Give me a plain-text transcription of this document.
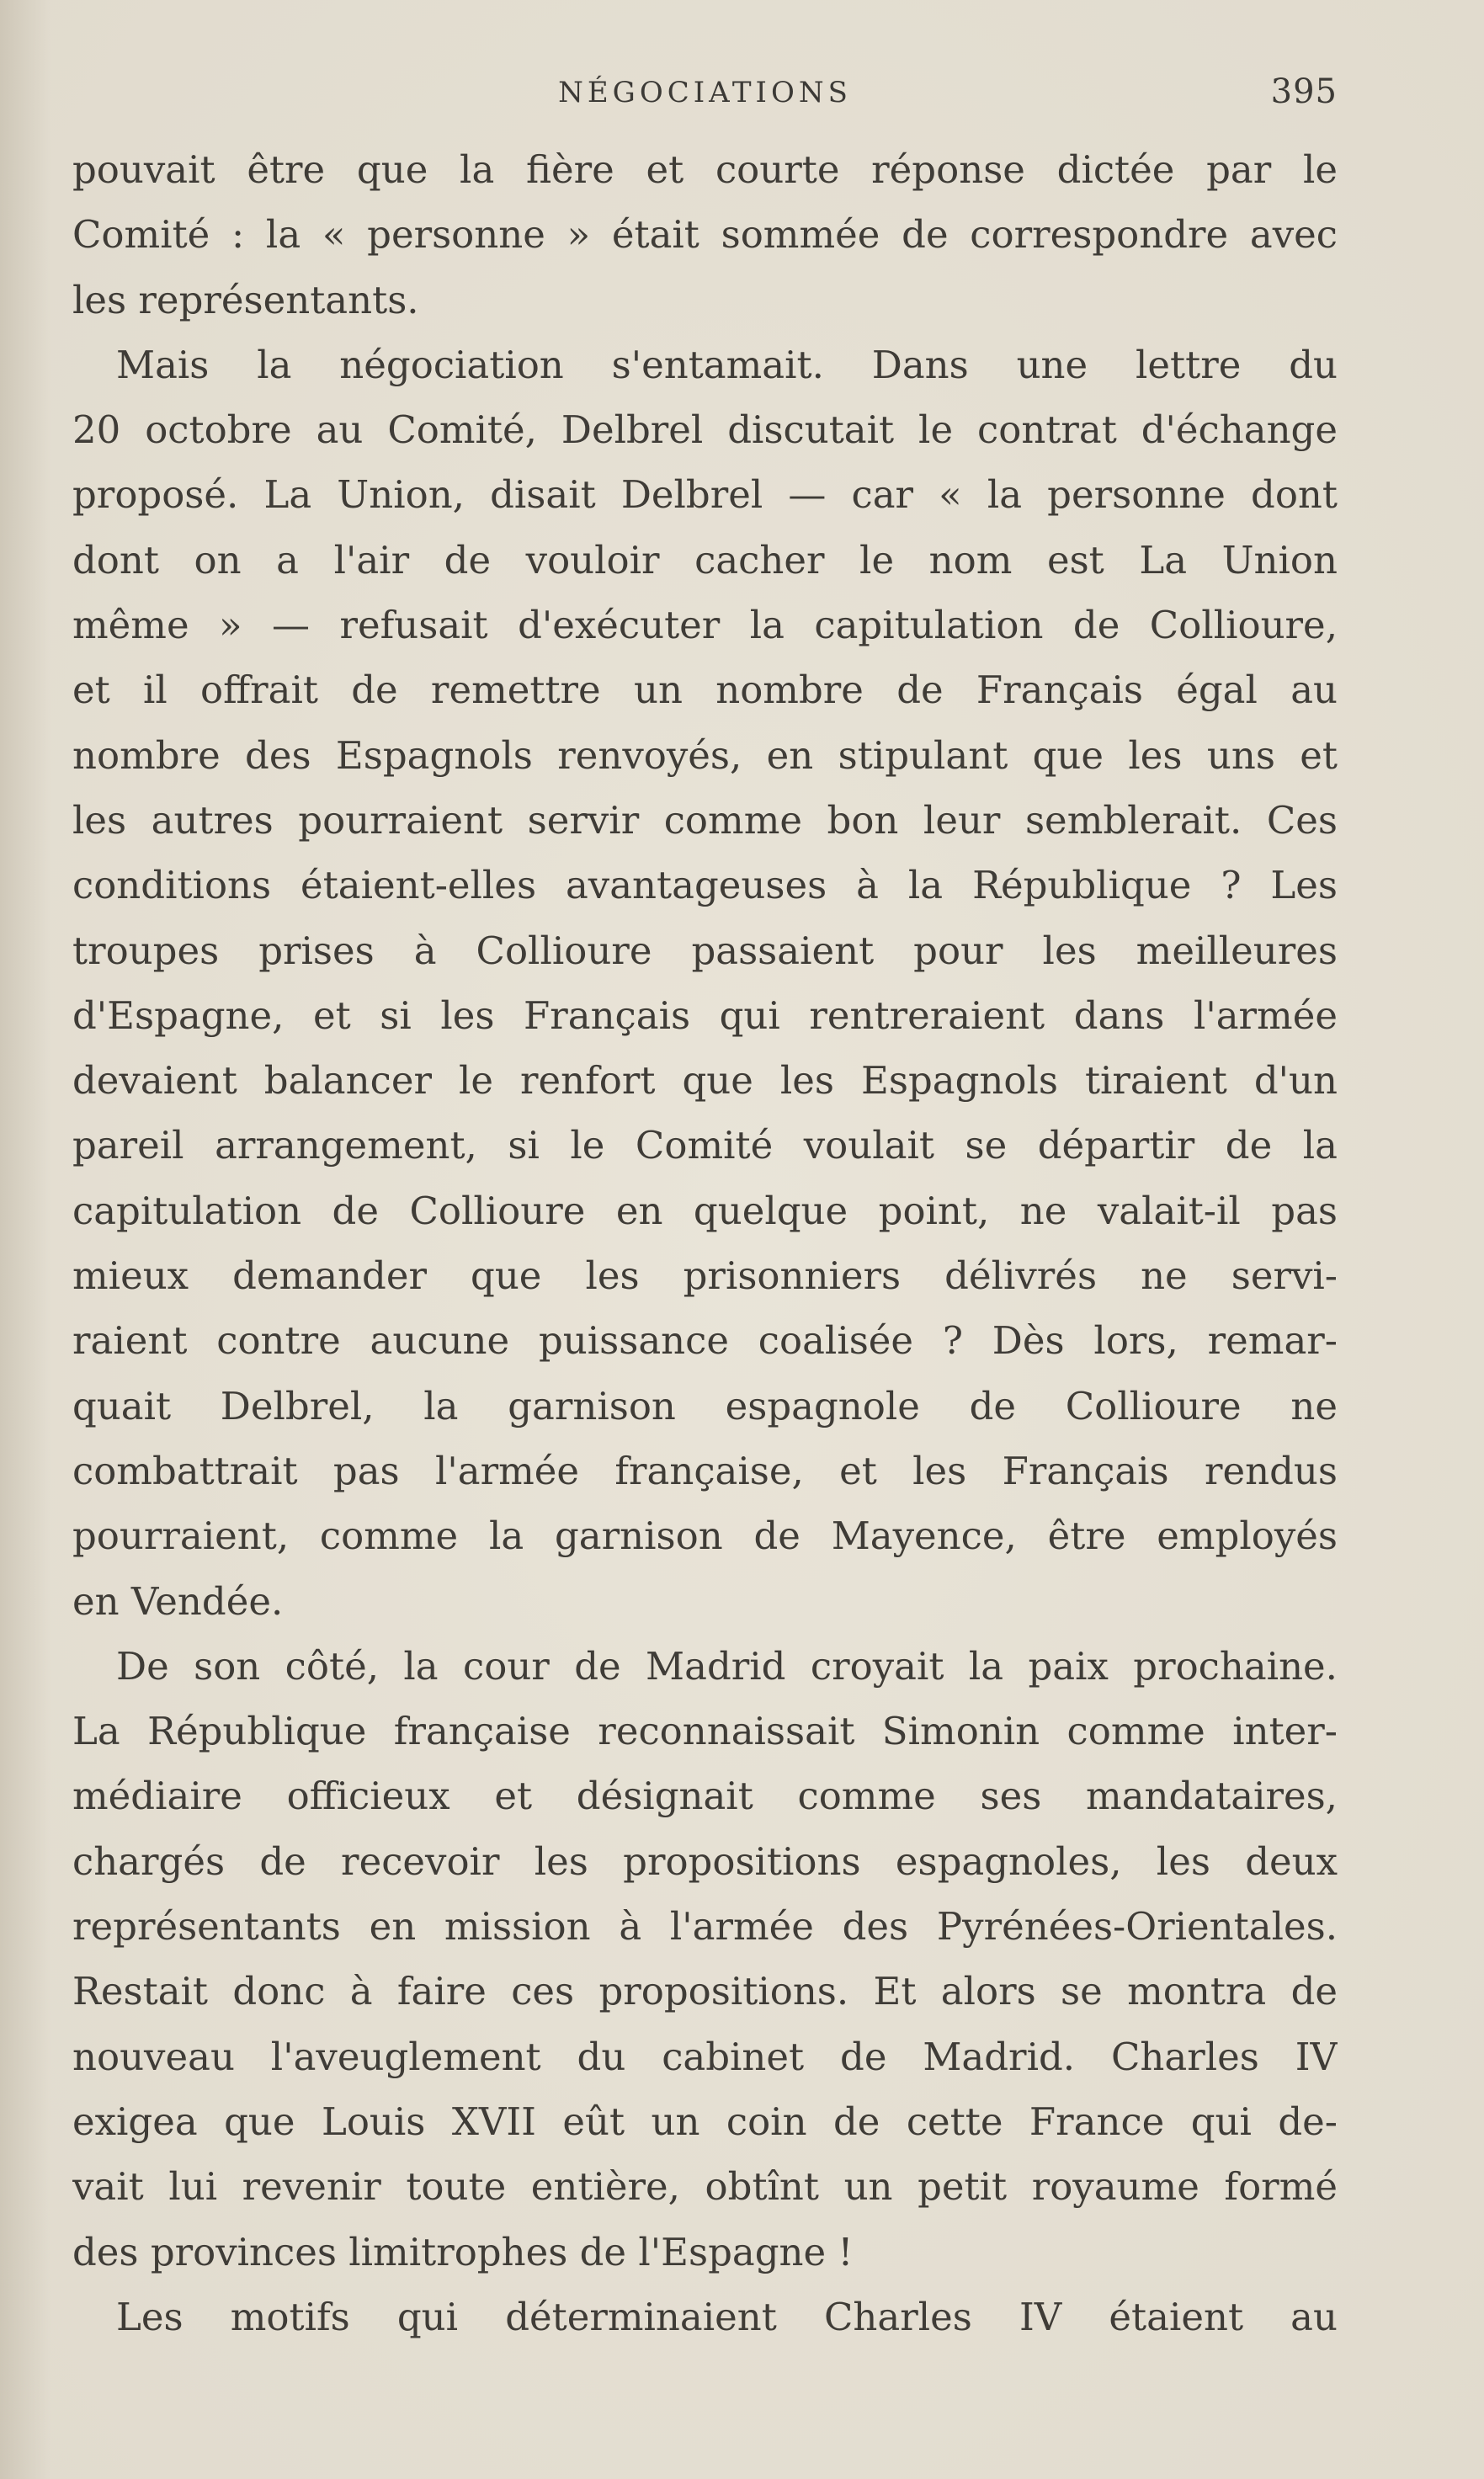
NÉGOCIATIONS	395
pouvait être que la fière et courte réponse dictée par le
Comité : la « personne » était sommée de correspondre avec
les représentants.
Mais la négociation s'entamait. Dans une lettre du
20 octobre au Comité, Delbrel discutait le contrat d'échange
proposé. La Union, disait Delbrel — car « la personne dont
dont on a l'air de vouloir cacher le nom est La Union
même » — refusait d'exécuter la capitulation de Collioure,
et il offrait de remettre un nombre de Français égal au
nombre des Espagnols renvoyés, en stipulant que les uns et
les autres pourraient servir comme bon leur semblerait. Ces
conditions étaient-elles avantageuses à la République ? Les
troupes prises à Collioure passaient pour les meilleures
d'Espagne, et si les Français qui rentreraient dans l'armée
devaient balancer le renfort que les Espagnols tiraient d'un
pareil arrangement, si le Comité voulait se départir de la
capitulation de Collioure en quelque point, ne valait-il pas
mieux demander que les prisonniers délivrés ne servi-
raient contre aucune puissance coalisée ? Dès lors, remar-
quait Delbrel, la garnison espagnole de Collioure ne
combattrait pas l'armée française, et les Français rendus
pourraient, comme la garnison de Mayence, être employés
en Vendée.
De son côté, la cour de Madrid croyait la paix prochaine.
La République française reconnaissait Simonin comme inter-
médiaire officieux et désignait comme ses mandataires,
chargés de recevoir les propositions espagnoles, les deux
représentants en mission à l'armée des Pyrénées-Orientales.
Restait donc à faire ces propositions. Et alors se montra de
nouveau l'aveuglement du cabinet de Madrid. Charles IV
exigea que Louis XVII eût un coin de cette France qui de-
vait lui revenir toute entière, obtînt un petit royaume formé
des provinces limitrophes de l'Espagne !
Les motifs qui déterminaient Charles IV étaient au
